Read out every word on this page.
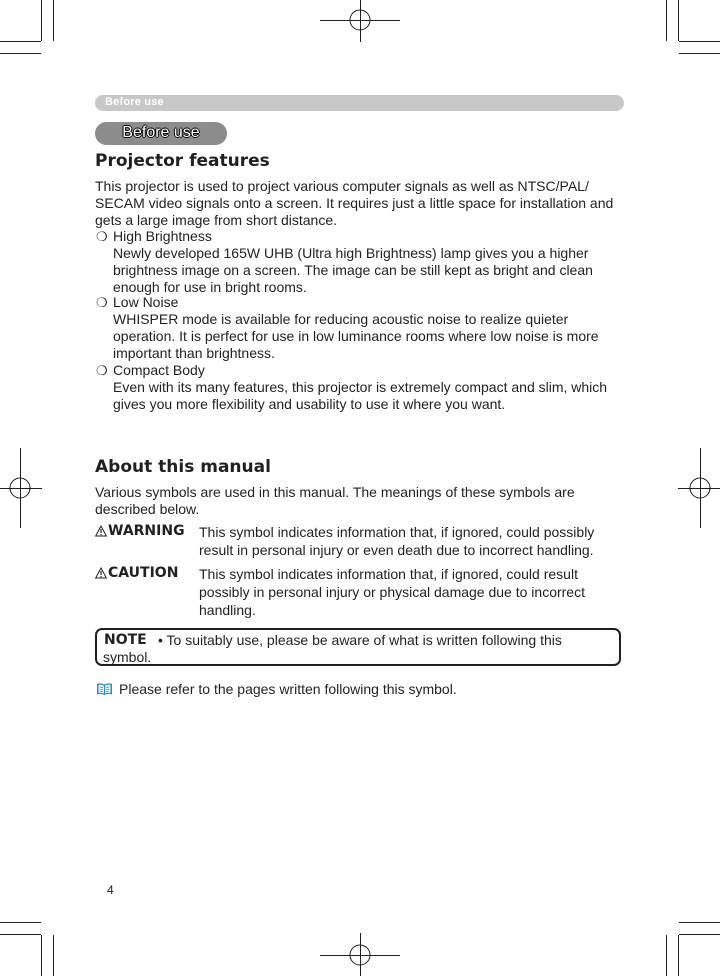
Before use
Before use
Projector features

This projector is used to project various computer signals as well as NTSC/PAL/ SECAM video signals onto a screen. It requires just a little space for installation and gets a large image from short distance.

❍ High Brightness
Newly developed 165W UHB (Ultra high Brightness) lamp gives you a higher brightness image on a screen. The image can be still kept as bright and clean enough for use in bright rooms.
❍ Low Noise
WHISPER mode is available for reducing acoustic noise to realize quieter operation. It is perfect for use in low luminance rooms where low noise is more important than brightness.
❍ Compact Body
Even with its many features, this projector is extremely compact and slim, which gives you more flexibility and usability to use it where you want.
About this manual

Various symbols are used in this manual. The meanings of these symbols are described below.

WARNING This symbol indicates information that, if ignored, could possibly result in personal injury or even death due to incorrect handling.
CAUTION This symbol indicates information that, if ignored, could result possibly in personal injury or physical damage due to incorrect handling.
NOTE • To suitably use, please be aware of what is written following this symbol.
Please refer to the pages written following this symbol.
4
